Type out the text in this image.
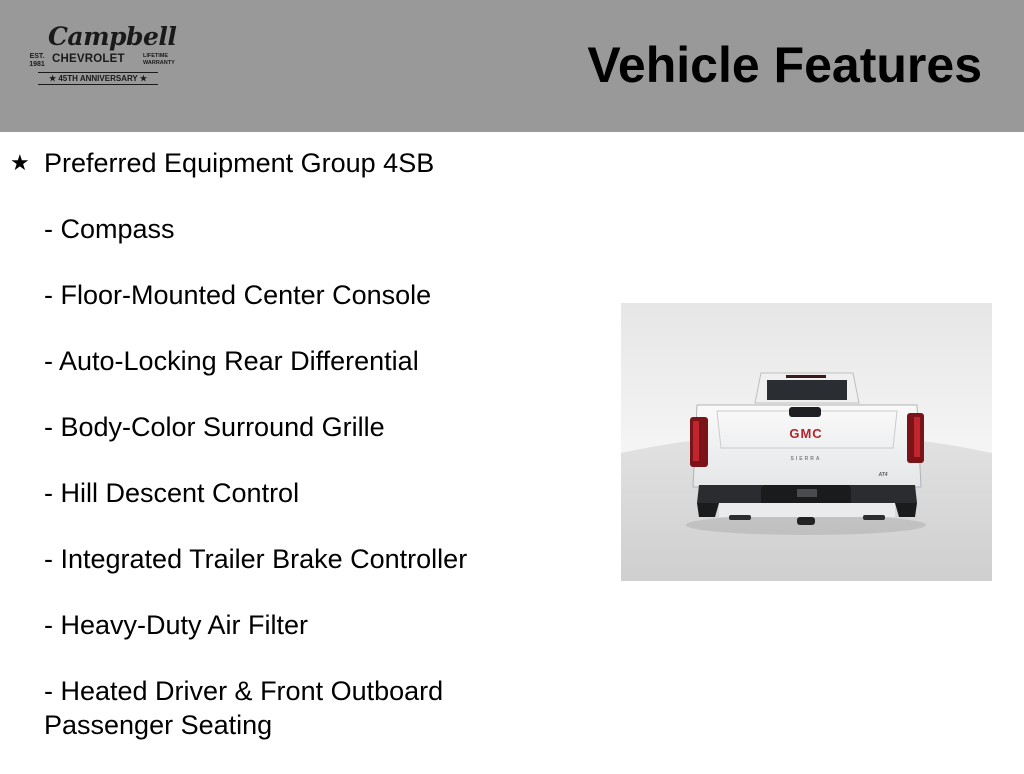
Campbell
EST. 1981 CHEVROLET	LIFETIME WARRANTY
★ 45TH ANNIVERSARY ★	Vehicle Features
★ Preferred Equipment Group 4SB
- Compass
- Floor-Mounted Center Console
- Auto-Locking Rear Differential
- Body-Color Surround Grille
- Hill Descent Control
- Integrated Trailer Brake Controller
- Heavy-Duty Air Filter
- Heated Driver & Front Outboard Passenger Seating
GMC
SIERRA
AT4
